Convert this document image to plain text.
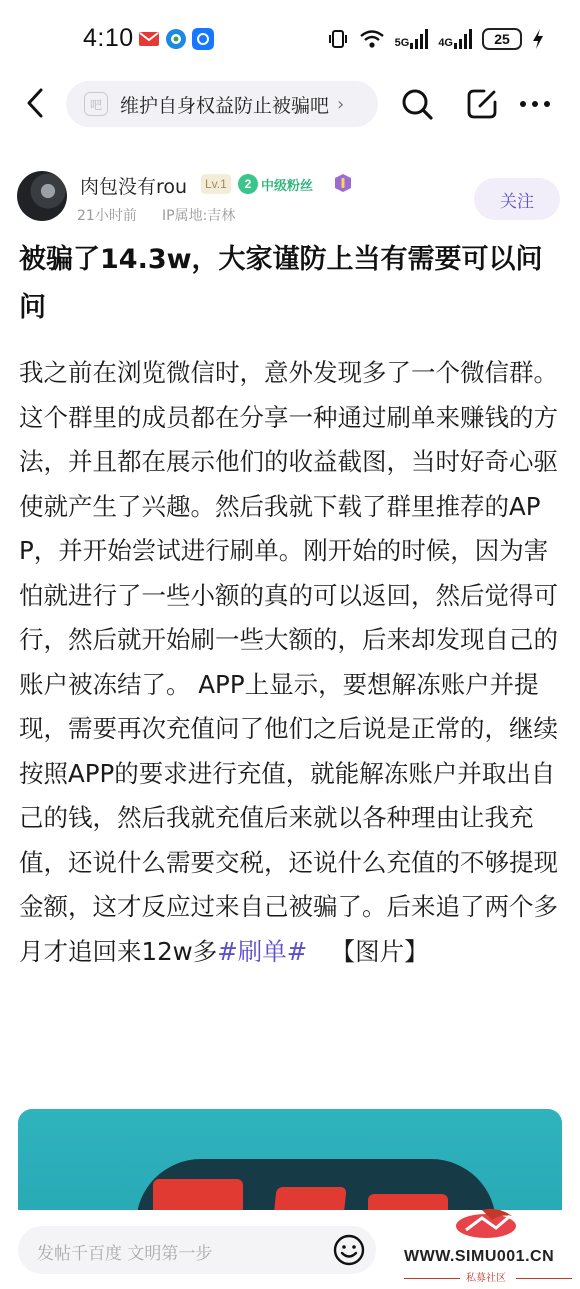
4:10	5G	4G	25
吧 维护自身权益防止被骗吧 ›
肉包没有rou	Lv.1	2 中级粉丝
21小时前 IP属地:吉林
关注
被骗了14.3w，大家谨防上当有需要可以问问
我之前在浏览微信时，意外发现多了一个微信群。这个群里的成员都在分享一种通过刷单来赚钱的方法，并且都在展示他们的收益截图，当时好奇心驱使就产生了兴趣。然后我就下载了群里推荐的APP，并开始尝试进行刷单。刚开始的时候，因为害怕就进行了一些小额的真的可以返回，然后觉得可行，然后就开始刷一些大额的，后来却发现自己的账户被冻结了。 APP上显示，要想解冻账户并提现，需要再次充值问了他们之后说是正常的，继续按照APP的要求进行充值，就能解冻账户并取出自己的钱，然后我就充值后来就以各种理由让我充值，还说什么需要交税，还说什么充值的不够提现金额，这才反应过来自己被骗了。后来追了两个多月才追回来12w多#刷单# 【图片】
发帖千百度 文明第一步	WWW.SIMU001.CN
私募社区
